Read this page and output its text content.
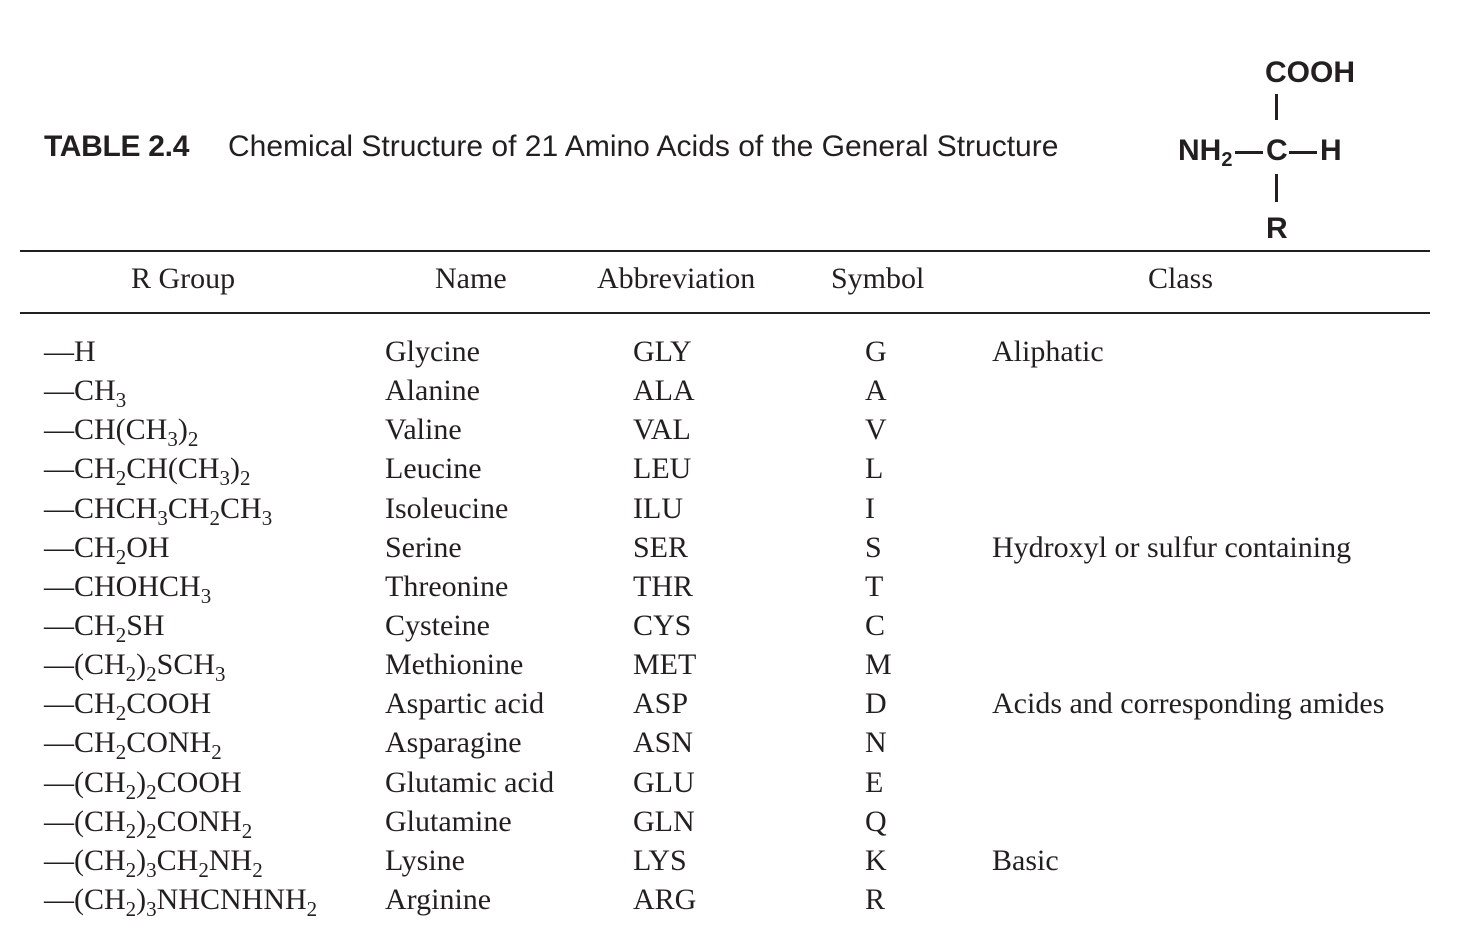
TABLE 2.4 Chemical Structure of 21 Amino Acids of the General Structure
COOH
$NH_2$ C H
R
R Group	Name	Abbreviation	Symbol	Class
—H	Glycine	GLY	G	Aliphatic
$—CH_3$	Alanine	ALA	A
$—CH(CH_3)_2$	Valine	VAL	V
$—CH_2CH(CH_3)_2$	Leucine	LEU	L
$—CHCH_3CH_2CH_3$	Isoleucine	ILU	I
$—CH_2OH$	Serine	SER	S	Hydroxyl or sulfur containing
$—CHOHCH_3$	Threonine	THR	T
$—CH_2SH$	Cysteine	CYS	C
$—(CH_2)_2SCH_3$	Methionine	MET	M
$—CH_2COOH$	Aspartic acid	ASP	D	Acids and corresponding amides
$—CH_2CONH_2$	Asparagine	ASN	N
$—(CH_2)_2COOH$	Glutamic acid	GLU	E
$—(CH_2)_2CONH_2$	Glutamine	GLN	Q
$—(CH_2)_3CH_2NH_2$	Lysine	LYS	K	Basic
$—(CH_2)_3NHCNHNH_2$ Arginine	ARG	R
